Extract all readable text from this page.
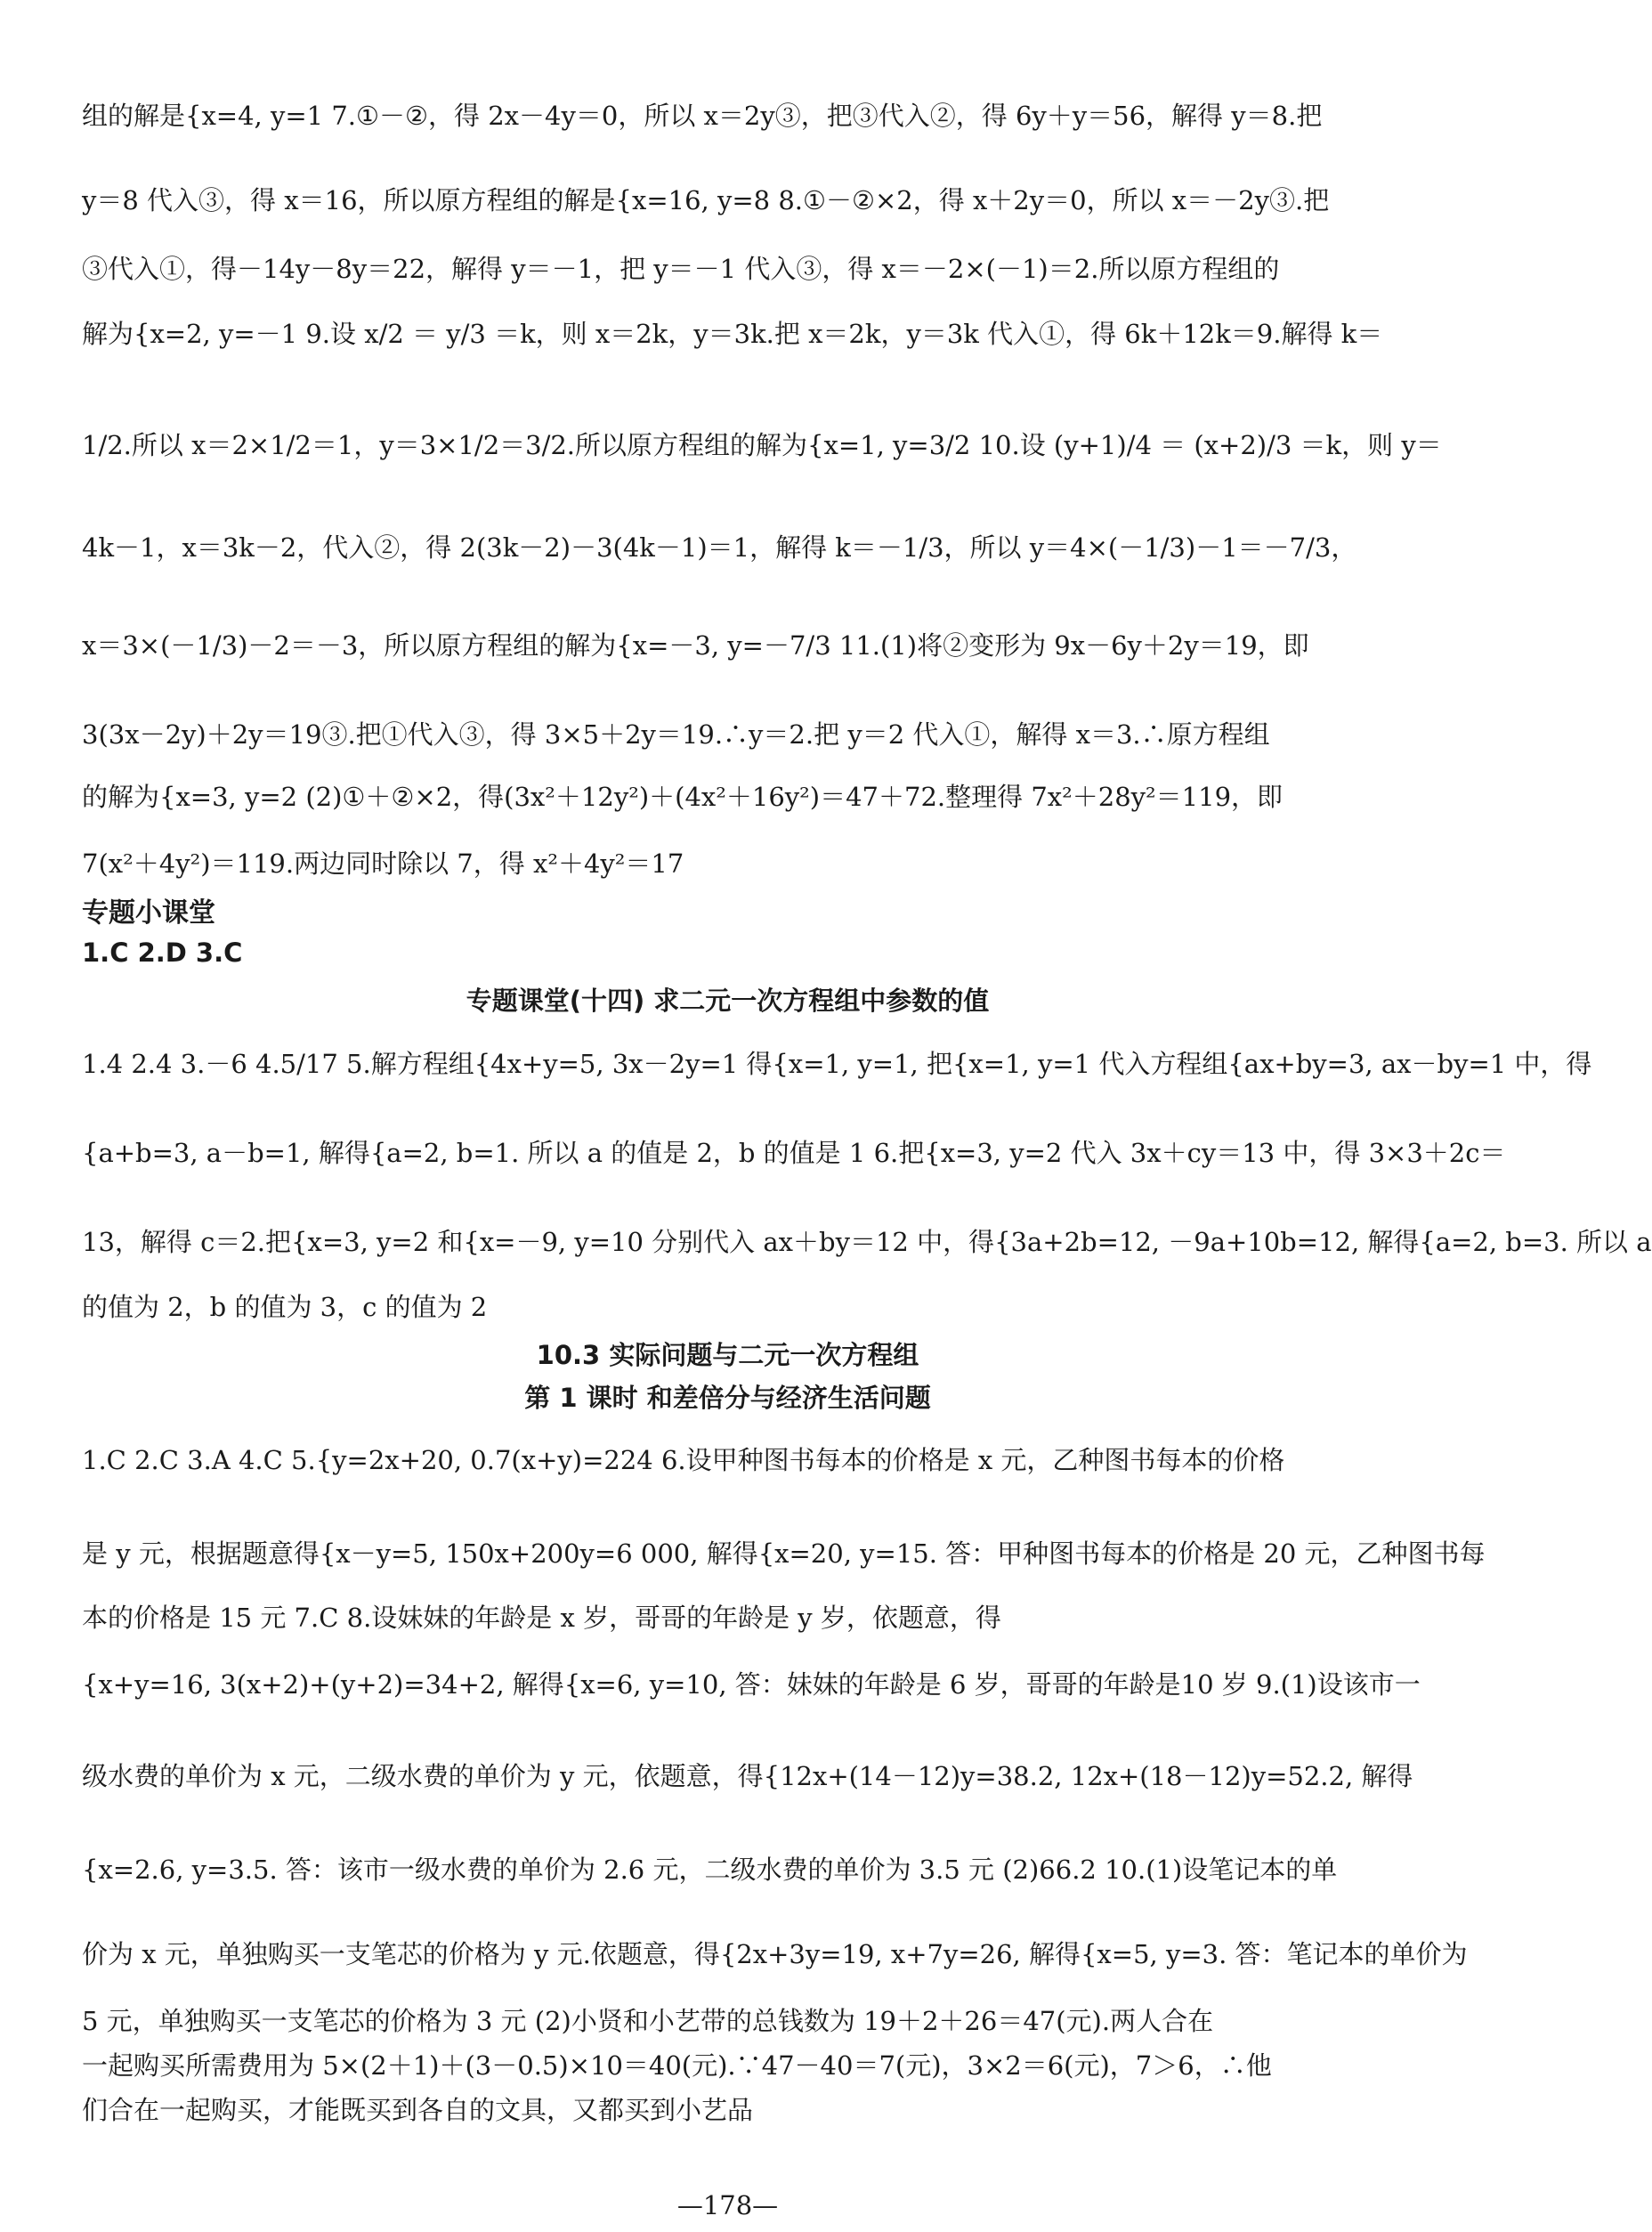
组的解是{x=4, y=1 7.①－②，得 2x－4y＝0，所以 x＝2y③，把③代入②，得 6y＋y＝56，解得 y＝8.把
y＝8 代入③，得 x＝16，所以原方程组的解是{x=16, y=8 8.①－②×2，得 x＋2y＝0，所以 x＝－2y③.把
③代入①，得－14y－8y＝22，解得 y＝－1，把 y＝－1 代入③，得 x＝－2×(－1)＝2.所以原方程组的
解为{x=2, y=－1 9.设 x/2 ＝ y/3 ＝k，则 x＝2k，y＝3k.把 x＝2k，y＝3k 代入①，得 6k＋12k＝9.解得 k＝
1/2.所以 x＝2×1/2＝1，y＝3×1/2＝3/2.所以原方程组的解为{x=1, y=3/2 10.设 (y+1)/4 ＝ (x+2)/3 ＝k，则 y＝
4k－1，x＝3k－2，代入②，得 2(3k－2)－3(4k－1)＝1，解得 k＝－1/3，所以 y＝4×(－1/3)－1＝－7/3，
x＝3×(－1/3)－2＝－3，所以原方程组的解为{x=－3, y=－7/3 11.(1)将②变形为 9x－6y＋2y＝19，即
3(3x－2y)＋2y＝19③.把①代入③，得 3×5＋2y＝19.∴y＝2.把 y＝2 代入①，解得 x＝3.∴原方程组
的解为{x=3, y=2 (2)①＋②×2，得(3x²＋12y²)＋(4x²＋16y²)＝47＋72.整理得 7x²＋28y²＝119，即
7(x²＋4y²)＝119.两边同时除以 7，得 x²＋4y²＝17
专题小课堂
1.C 2.D 3.C
专题课堂(十四) 求二元一次方程组中参数的值
1.4 2.4 3.－6 4.5/17 5.解方程组{4x+y=5, 3x－2y=1 得{x=1, y=1, 把{x=1, y=1 代入方程组{ax+by=3, ax－by=1 中，得
{a+b=3, a－b=1, 解得{a=2, b=1. 所以 a 的值是 2，b 的值是 1 6.把{x=3, y=2 代入 3x＋cy＝13 中，得 3×3＋2c＝
13，解得 c＝2.把{x=3, y=2 和{x=－9, y=10 分别代入 ax＋by＝12 中，得{3a+2b=12, －9a+10b=12, 解得{a=2, b=3. 所以 a
的值为 2，b 的值为 3，c 的值为 2
10.3 实际问题与二元一次方程组
第 1 课时 和差倍分与经济生活问题
1.C 2.C 3.A 4.C 5.{y=2x+20, 0.7(x+y)=224 6.设甲种图书每本的价格是 x 元，乙种图书每本的价格
是 y 元，根据题意得{x－y=5, 150x+200y=6 000, 解得{x=20, y=15. 答：甲种图书每本的价格是 20 元，乙种图书每
本的价格是 15 元 7.C 8.设妹妹的年龄是 x 岁，哥哥的年龄是 y 岁，依题意，得
{x+y=16, 3(x+2)+(y+2)=34+2, 解得{x=6, y=10, 答：妹妹的年龄是 6 岁，哥哥的年龄是10 岁 9.(1)设该市一
级水费的单价为 x 元，二级水费的单价为 y 元，依题意，得{12x+(14－12)y=38.2, 12x+(18－12)y=52.2, 解得
{x=2.6, y=3.5. 答：该市一级水费的单价为 2.6 元，二级水费的单价为 3.5 元 (2)66.2 10.(1)设笔记本的单
价为 x 元，单独购买一支笔芯的价格为 y 元.依题意，得{2x+3y=19, x+7y=26, 解得{x=5, y=3. 答：笔记本的单价为
5 元，单独购买一支笔芯的价格为 3 元 (2)小贤和小艺带的总钱数为 19＋2＋26＝47(元).两人合在
一起购买所需费用为 5×(2＋1)＋(3－0.5)×10＝40(元).∵47－40＝7(元)，3×2＝6(元)，7＞6，∴他
们合在一起购买，才能既买到各自的文具，又都买到小艺品
—178—
